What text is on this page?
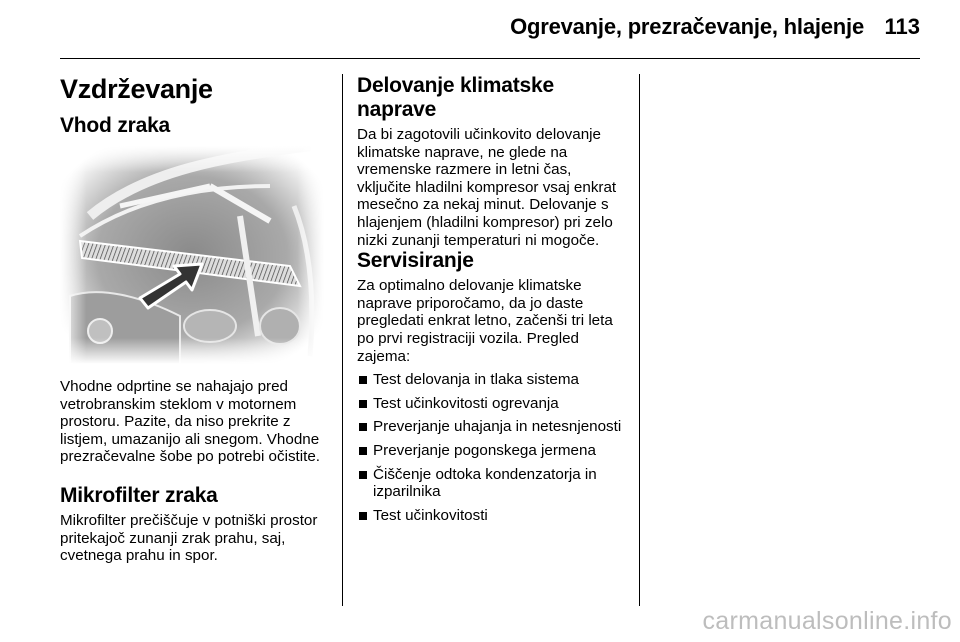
Ogrevanje, prezračevanje, hlajenje 113
Vzdrževanje
Vhod zraka

Vhodne odprtine se nahajajo pred vetrobranskim steklom v motornem prostoru. Pazite, da niso prekrite z listjem, umazanijo ali snegom. Vhodne prezračevalne šobe po potrebi očistite.

Mikrofilter zraka

Mikrofilter prečiščuje v potniški prostor pritekajoč zunanji zrak prahu, saj, cvetnega prahu in spor.

Delovanje klimatske naprave

Da bi zagotovili učinkovito delovanje klimatske naprave, ne glede na vremenske razmere in letni čas, vključite hladilni kompresor vsaj enkrat mesečno za nekaj minut. Delovanje s hlajenjem (hladilni kompresor) pri zelo nizki zunanji temperaturi ni mogoče.

Servisiranje

Za optimalno delovanje klimatske naprave priporočamo, da jo daste pregledati enkrat letno, začenši tri leta po prvi registraciji vozila. Pregled zajema:

Test delovanja in tlaka sistema
Test učinkovitosti ogrevanja
Preverjanje uhajanja in netesnjenosti
Preverjanje pogonskega jermena
Čiščenje odtoka kondenzatorja in izparilnika
Test učinkovitosti
carmanualsonline.info
